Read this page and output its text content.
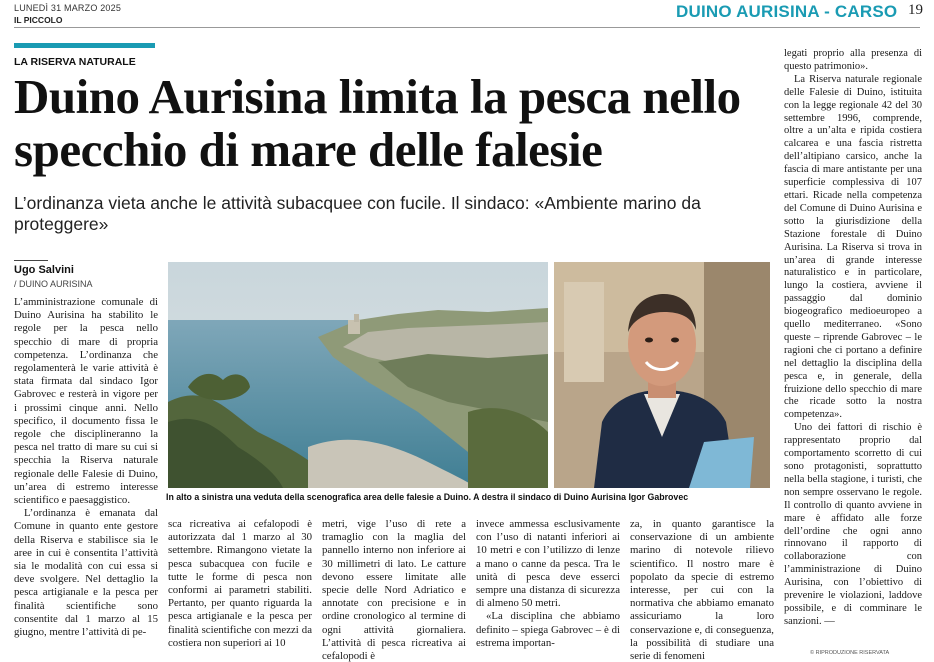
LUNEDÌ 31 MARZO 2025
IL PICCOLO	DUINO AURISINA - CARSO 19
LA RISERVA NATURALE
Duino Aurisina limita la pesca nello specchio di mare delle falesie
L’ordinanza vieta anche le attività subacquee con fucile. Il sindaco: «Ambiente marino da proteggere»
Ugo Salvini
/ DUINO AURISINA

L’amministrazione comunale di Duino Aurisina ha stabilito le regole per la pesca nello specchio di mare di propria competenza. L’ordinanza che regolamenterà le varie attività è stata firmata dal sindaco Igor Gabrovec e resterà in vigore per i prossimi cinque anni. Nello specifico, il documento fissa le regole che disciplineranno la pesca nel tratto di mare su cui si specchia la Riserva naturale regionale delle Falesie di Duino, un’area di estremo interesse scientifico e paesaggistico.

L’ordinanza è emanata dal Comune in quanto ente gestore della Riserva e stabilisce sia le aree in cui è consentita l’attività sia le modalità con cui essa si deve svolgere. Nel dettaglio la pesca artigianale e la pesca per finalità scientifiche sono consentite dal 1 marzo al 15 giugno, mentre l’attività di pe-

In alto a sinistra una veduta della scenografica area delle falesie a Duino. A destra il sindaco di Duino Aurisina Igor Gabrovec

sca ricreativa ai cefalopodi è autorizzata dal 1 marzo al 30 settembre. Rimangono vietate la pesca subacquea con fucile e tutte le forme di pesca non conformi ai parametri stabiliti. Pertanto, per quanto riguarda la pesca artigianale e la pesca per finalità scientifiche con mezzi da costiera non superiori ai 10

metri, vige l’uso di rete a tramaglio con la maglia del pannello interno non inferiore ai 30 millimetri di lato. Le catture devono essere limitate alle specie delle Nord Adriatico e annotate con precisione e in ordine cronologico al termine di ogni attività giornaliera. L’attività di pesca ricreativa ai cefalopodi è

invece ammessa esclusivamente con l’uso di natanti inferiori ai 10 metri e con l’utilizzo di lenze a mano o canne da pesca. Tra le unità di pesca deve esserci sempre una distanza di sicurezza di almeno 50 metri.

«La disciplina che abbiamo definito – spiega Gabrovec – è di estrema importan-

za, in quanto garantisce la conservazione di un ambiente marino di notevole rilievo scientifico. Il nostro mare è popolato da specie di estremo interesse, per cui con la normativa che abbiamo emanato assicuriamo la loro conservazione e, di conseguenza, la possibilità di studiare una serie di fenomeni

legati proprio alla presenza di questo patrimonio».

La Riserva naturale regionale delle Falesie di Duino, istituita con la legge regionale 42 del 30 settembre 1996, comprende, oltre a un’alta e ripida costiera calcarea e una fascia ristretta dell’altipiano carsico, anche la fascia di mare antistante per una superficie complessiva di 107 ettari. Ricade nella competenza del Comune di Duino Aurisina e sotto la giurisdizione della Stazione forestale di Duino Aurisina. La Riserva si trova in un’area di grande interesse naturalistico e in particolare, lungo la costiera, avviene il passaggio dal dominio biogeografico medioeuropeo a quello mediterraneo. «Sono queste – riprende Gabrovec – le ragioni che ci portano a definire nel dettaglio la disciplina della pesca e, in generale, della fruizione dello specchio di mare che ricade sotto la nostra competenza».

Uno dei fattori di rischio è rappresentato proprio dal comportamento scorretto di cui sono protagonisti, soprattutto nella bella stagione, i turisti, che non sempre osservano le regole. Il controllo di quanto avviene in mare è affidato alle forze dell’ordine che ogni anno rinnovano il rapporto di collaborazione con l’amministrazione di Duino Aurisina, con l’obiettivo di prevenire le violazioni, laddove possibile, e di comminare le sanzioni. —

© RIPRODUZIONE RISERVATA
